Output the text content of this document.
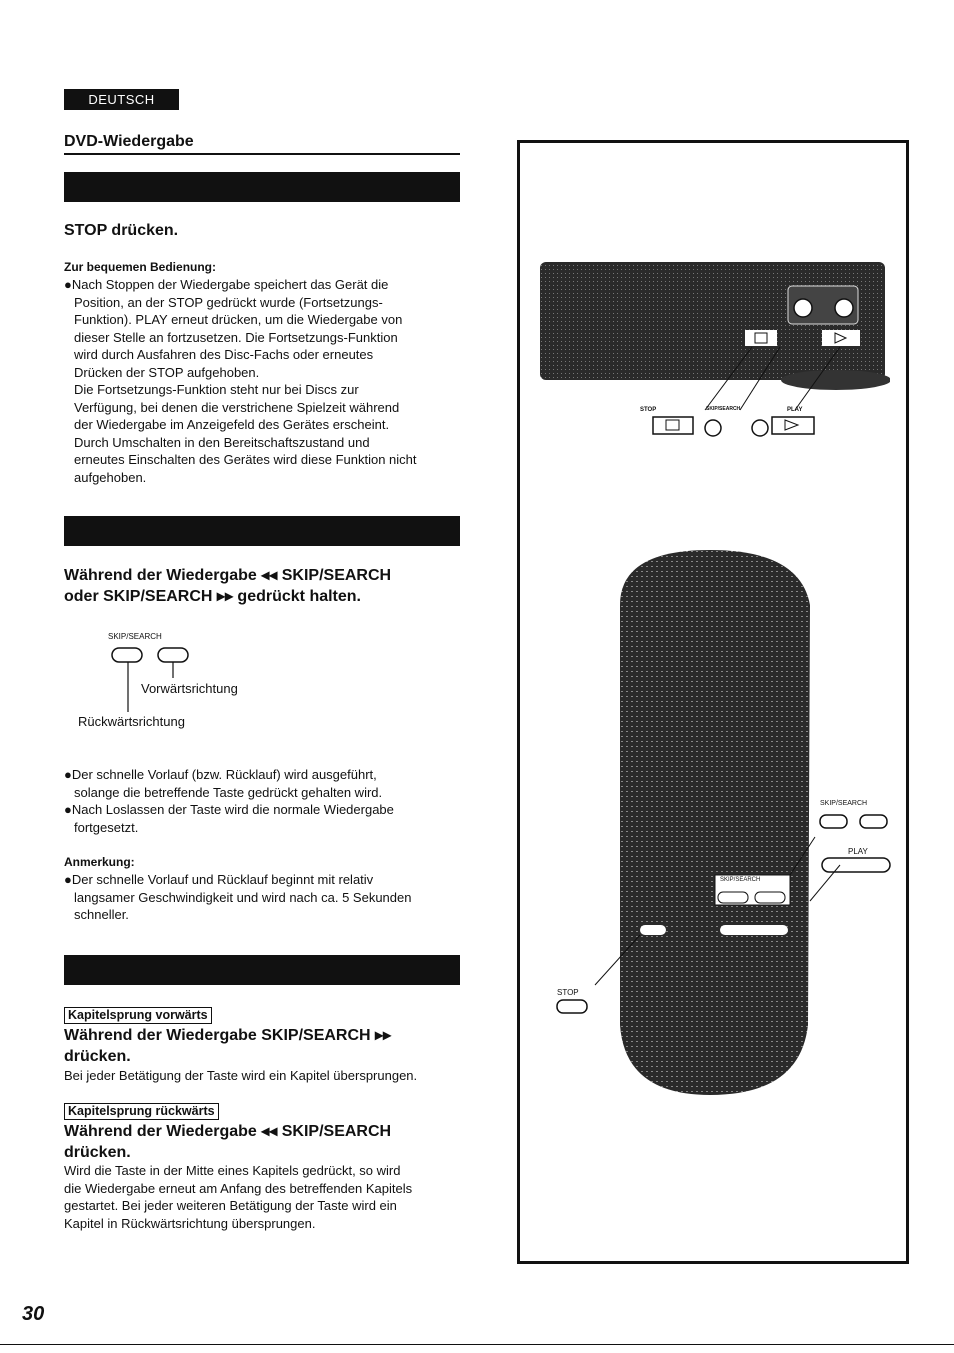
DEUTSCH
DVD-Wiedergabe
STOP drücken.
Zur bequemen Bedienung:
●Nach Stoppen der Wiedergabe speichert das Gerät die
Position, an der STOP gedrückt wurde (Fortsetzungs-
Funktion). PLAY erneut drücken, um die Wiedergabe von
dieser Stelle an fortzusetzen. Die Fortsetzungs-Funktion
wird durch Ausfahren des Disc-Fachs oder erneutes
Drücken der STOP aufgehoben.
Die Fortsetzungs-Funktion steht nur bei Discs zur
Verfügung, bei denen die verstrichene Spielzeit während
der Wiedergabe im Anzeigefeld des Gerätes erscheint.
Durch Umschalten in den Bereitschaftszustand und
erneutes Einschalten des Gerätes wird diese Funktion nicht
aufgehoben.
Während der Wiedergabe ◂◂ SKIP/SEARCH
oder SKIP/SEARCH ▸▸ gedrückt halten.
SKIP/SEARCH
Vorwärtsrichtung
Rückwärtsrichtung
●Der schnelle Vorlauf (bzw. Rücklauf) wird ausgeführt,
solange die betreffende Taste gedrückt gehalten wird.
●Nach Loslassen der Taste wird die normale Wiedergabe
fortgesetzt.
Anmerkung:
●Der schnelle Vorlauf und Rücklauf beginnt mit relativ
langsamer Geschwindigkeit und wird nach ca. 5 Sekunden
schneller.
Kapitelsprung vorwärts
Während der Wiedergabe SKIP/SEARCH ▸▸
drücken.
Bei jeder Betätigung der Taste wird ein Kapitel übersprungen.
Kapitelsprung rückwärts
Während der Wiedergabe ◂◂ SKIP/SEARCH
drücken.
Wird die Taste in der Mitte eines Kapitels gedrückt, so wird
die Wiedergabe erneut am Anfang des betreffenden Kapitels
gestartet. Bei jeder weiteren Betätigung der Taste wird ein
Kapitel in Rückwärtsrichtung übersprungen.
STOP	SKIP/SEARCH	PLAY
SKIP/SEARCH
PLAY
SKIP/SEARCH
STOP
30
